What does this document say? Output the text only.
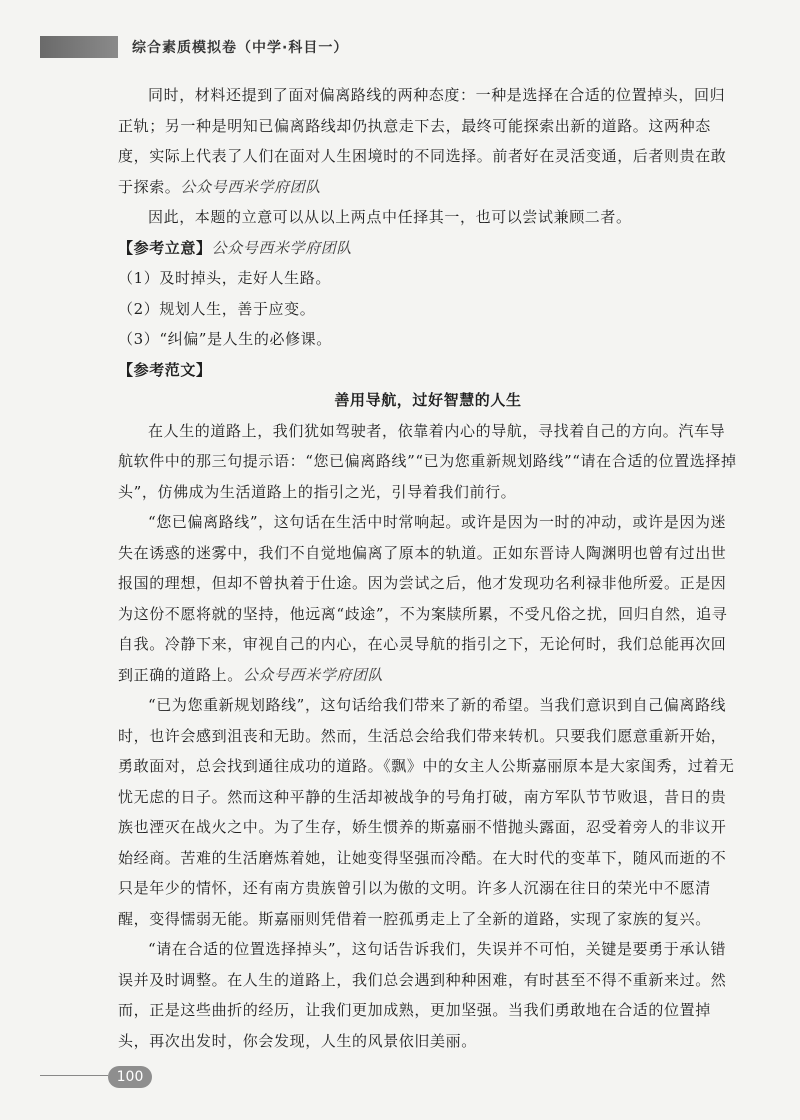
综合素质模拟卷（中学·科目一）

同时，材料还提到了面对偏离路线的两种态度：一种是选择在合适的位置掉头，回归正轨；另一种是明知已偏离路线却仍执意走下去，最终可能探索出新的道路。这两种态度，实际上代表了人们在面对人生困境时的不同选择。前者好在灵活变通，后者则贵在敢于探索。公众号西米学府团队

因此，本题的立意可以从以上两点中任择其一，也可以尝试兼顾二者。

【参考立意】公众号西米学府团队

（1）及时掉头，走好人生路。

（2）规划人生，善于应变。

（3）“纠偏”是人生的必修课。

【参考范文】

善用导航，过好智慧的人生

在人生的道路上，我们犹如驾驶者，依靠着内心的导航，寻找着自己的方向。汽车导航软件中的那三句提示语：“您已偏离路线”“已为您重新规划路线”“请在合适的位置选择掉头”，仿佛成为生活道路上的指引之光，引导着我们前行。

“您已偏离路线”，这句话在生活中时常响起。或许是因为一时的冲动，或许是因为迷失在诱惑的迷雾中，我们不自觉地偏离了原本的轨道。正如东晋诗人陶渊明也曾有过出世报国的理想，但却不曾执着于仕途。因为尝试之后，他才发现功名利禄非他所爱。正是因为这份不愿将就的坚持，他远离“歧途”，不为案牍所累，不受凡俗之扰，回归自然，追寻自我。冷静下来，审视自己的内心，在心灵导航的指引之下，无论何时，我们总能再次回到正确的道路上。公众号西米学府团队

“已为您重新规划路线”，这句话给我们带来了新的希望。当我们意识到自己偏离路线时，也许会感到沮丧和无助。然而，生活总会给我们带来转机。只要我们愿意重新开始，勇敢面对，总会找到通往成功的道路。《飘》中的女主人公斯嘉丽原本是大家闺秀，过着无忧无虑的日子。然而这种平静的生活却被战争的号角打破，南方军队节节败退，昔日的贵族也湮灭在战火之中。为了生存，娇生惯养的斯嘉丽不惜抛头露面，忍受着旁人的非议开始经商。苦难的生活磨炼着她，让她变得坚强而冷酷。在大时代的变革下，随风而逝的不只是年少的情怀，还有南方贵族曾引以为傲的文明。许多人沉溺在往日的荣光中不愿清醒，变得懦弱无能。斯嘉丽则凭借着一腔孤勇走上了全新的道路，实现了家族的复兴。

“请在合适的位置选择掉头”，这句话告诉我们，失误并不可怕，关键是要勇于承认错误并及时调整。在人生的道路上，我们总会遇到种种困难，有时甚至不得不重新来过。然而，正是这些曲折的经历，让我们更加成熟，更加坚强。当我们勇敢地在合适的位置掉头，再次出发时，你会发现，人生的风景依旧美丽。

100
